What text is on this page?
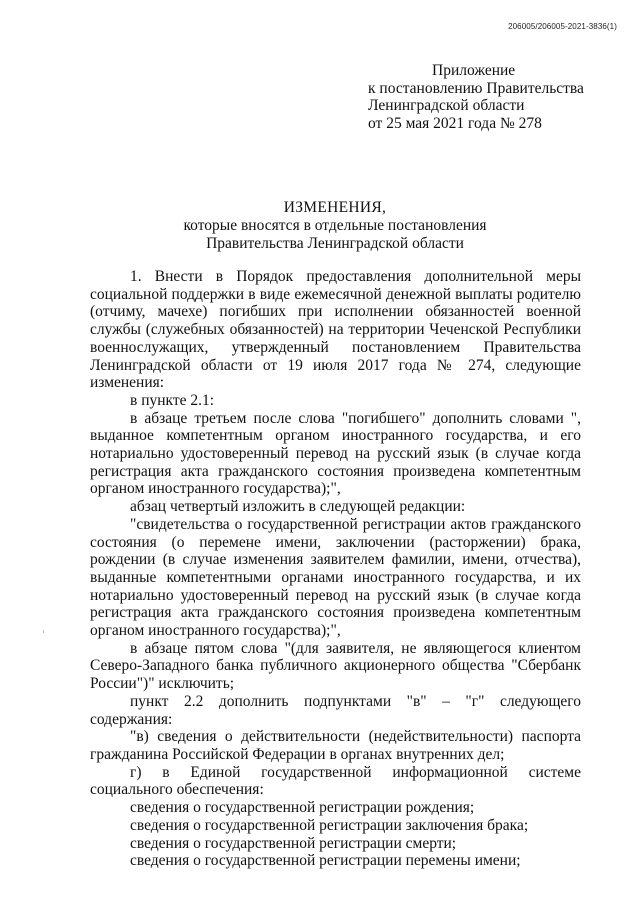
206005/206005-2021-3836(1)
Приложение
к постановлению Правительства
Ленинградской области
от 25 мая 2021 года № 278
ИЗМЕНЕНИЯ,
которые вносятся в отдельные постановления
Правительства Ленинградской области

1. Внести в Порядок предоставления дополнительной меры социальной поддержки в виде ежемесячной денежной выплаты родителю (отчиму, мачехе) погибших при исполнении обязанностей военной службы (служебных обязанностей) на территории Чеченской Республики военнослужащих, утвержденный постановлением Правительства Ленинградской области от 19 июля 2017 года № 274, следующие изменения:

в пункте 2.1:

в абзаце третьем после слова "погибшего" дополнить словами ", выданное компетентным органом иностранного государства, и его нотариально удостоверенный перевод на русский язык (в случае когда регистрация акта гражданского состояния произведена компетентным органом иностранного государства);",

абзац четвертый изложить в следующей редакции:

"свидетельства о государственной регистрации актов гражданского состояния (о перемене имени, заключении (расторжении) брака, рождении (в случае изменения заявителем фамилии, имени, отчества), выданные компетентными органами иностранного государства, и их нотариально удостоверенный перевод на русский язык (в случае когда регистрация акта гражданского состояния произведена компетентным органом иностранного государства);",

в абзаце пятом слова "(для заявителя, не являющегося клиентом Северо-Западного банка публичного акционерного общества "Сбербанк России")" исключить;

пункт 2.2 дополнить подпунктами "в" – "г" следующего содержания:

"в) сведения о действительности (недействительности) паспорта гражданина Российской Федерации в органах внутренних дел;

г) в Единой государственной информационной системе социального обеспечения:

сведения о государственной регистрации рождения;

сведения о государственной регистрации заключения брака;

сведения о государственной регистрации смерти;

сведения о государственной регистрации перемены имени;
